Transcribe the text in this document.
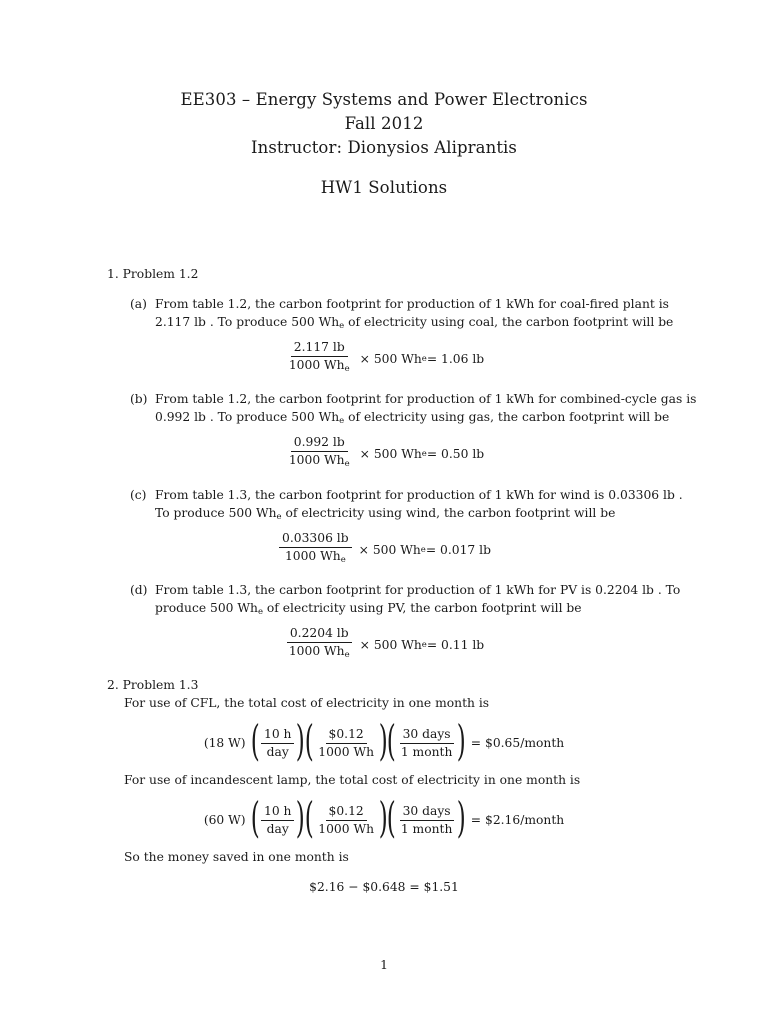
EE303 – Energy Systems and Power Electronics
Fall 2012
Instructor: Dionysios Aliprantis
HW1 Solutions
1. Problem 1.2
(a) From table 1.2, the carbon footprint for production of 1 kWh for coal-fired plant is
2.117 lb . To produce 500 $Wh_e$ of electricity using coal, the carbon footprint will be
$\frac{2.117 lb}{1000 Wh_e} \times 500$ Wh e = 1.06 lb
(b) From table 1.2, the carbon footprint for production of 1 kWh for combined-cycle gas is
0.992 lb . To produce 500 $Wh_e$ of electricity using gas, the carbon footprint will be
$\frac{0.992 lb}{1000 Wh_e} \times 500$ Wh e = 0.50 lb
(c) From table 1.3, the carbon footprint for production of 1 kWh for wind is 0.03306 lb .
To produce 500 $Wh_e$ of electricity using wind, the carbon footprint will be
$\frac{0.03306 lb}{1000 Wh_e} \times 500$ Wh e = 0.017 lb
(d) From table 1.3, the carbon footprint for production of 1 kWh for PV is 0.2204 lb . To
produce 500 $Wh_e$ of electricity using PV, the carbon footprint will be
$\frac{0.2204 lb}{1000 Wh_e} \times 500$ Wh e = 0.11 lb
2. Problem 1.3
For use of CFL, the total cost of electricity in one month is
(18 W) ( $\frac{10 h}{\text{day}}$ ) ( $\frac{\$0.12}{1000 Wh}$ ) ( $\frac{\text{30 days}}{\text{1 month}}$ ) = $0.65/month
For use of incandescent lamp, the total cost of electricity in one month is
(60 W) ( $\frac{10 h}{\text{day}}$ ) ( $\frac{\$0.12}{1000 Wh}$ ) ( $\frac{\text{30 days}}{\text{1 month}}$ ) = $2.16/month
So the money saved in one month is
$2.16 − $0.648 = $1.51
1
